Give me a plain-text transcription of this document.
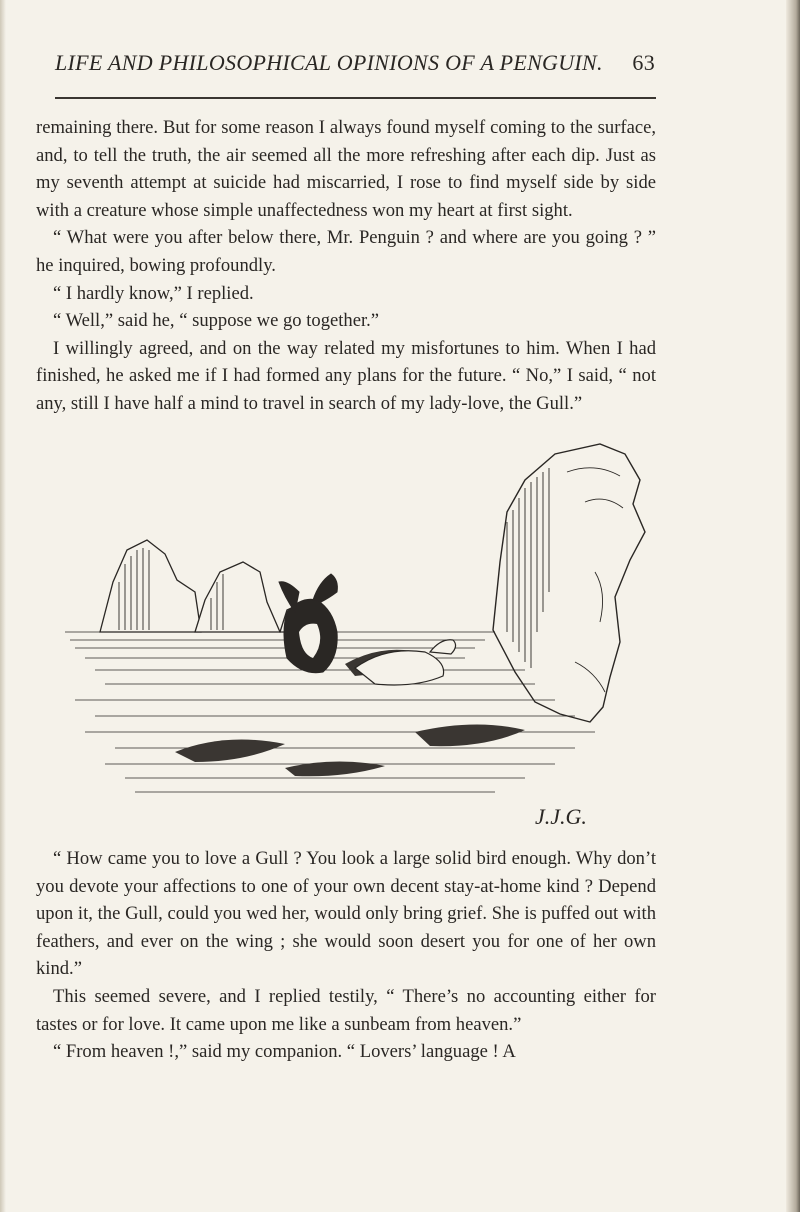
LIFE AND PHILOSOPHICAL OPINIONS OF A PENGUIN. 63

remaining there. But for some reason I always found myself coming to the surface, and, to tell the truth, the air seemed all the more refreshing after each dip. Just as my seventh attempt at suicide had miscarried, I rose to find myself side by side with a creature whose simple unaffectedness won my heart at first sight.

“ What were you after below there, Mr. Penguin ? and where are you going ? ” he inquired, bowing profoundly.

“ I hardly know,” I replied.

“ Well,” said he, “ suppose we go together.”

I willingly agreed, and on the way related my misfortunes to him. When I had finished, he asked me if I had formed any plans for the future. “ No,” I said, “ not any, still I have half a mind to travel in search of my lady-love, the Gull.”

J.J.G.

“ How came you to love a Gull ? You look a large solid bird enough. Why don’t you devote your affections to one of your own decent stay-at-home kind ? Depend upon it, the Gull, could you wed her, would only bring grief. She is puffed out with feathers, and ever on the wing ; she would soon desert you for one of her own kind.”

This seemed severe, and I replied testily, “ There’s no accounting either for tastes or for love. It came upon me like a sunbeam from heaven.”

“ From heaven !,” said my companion. “ Lovers’ language ! A
